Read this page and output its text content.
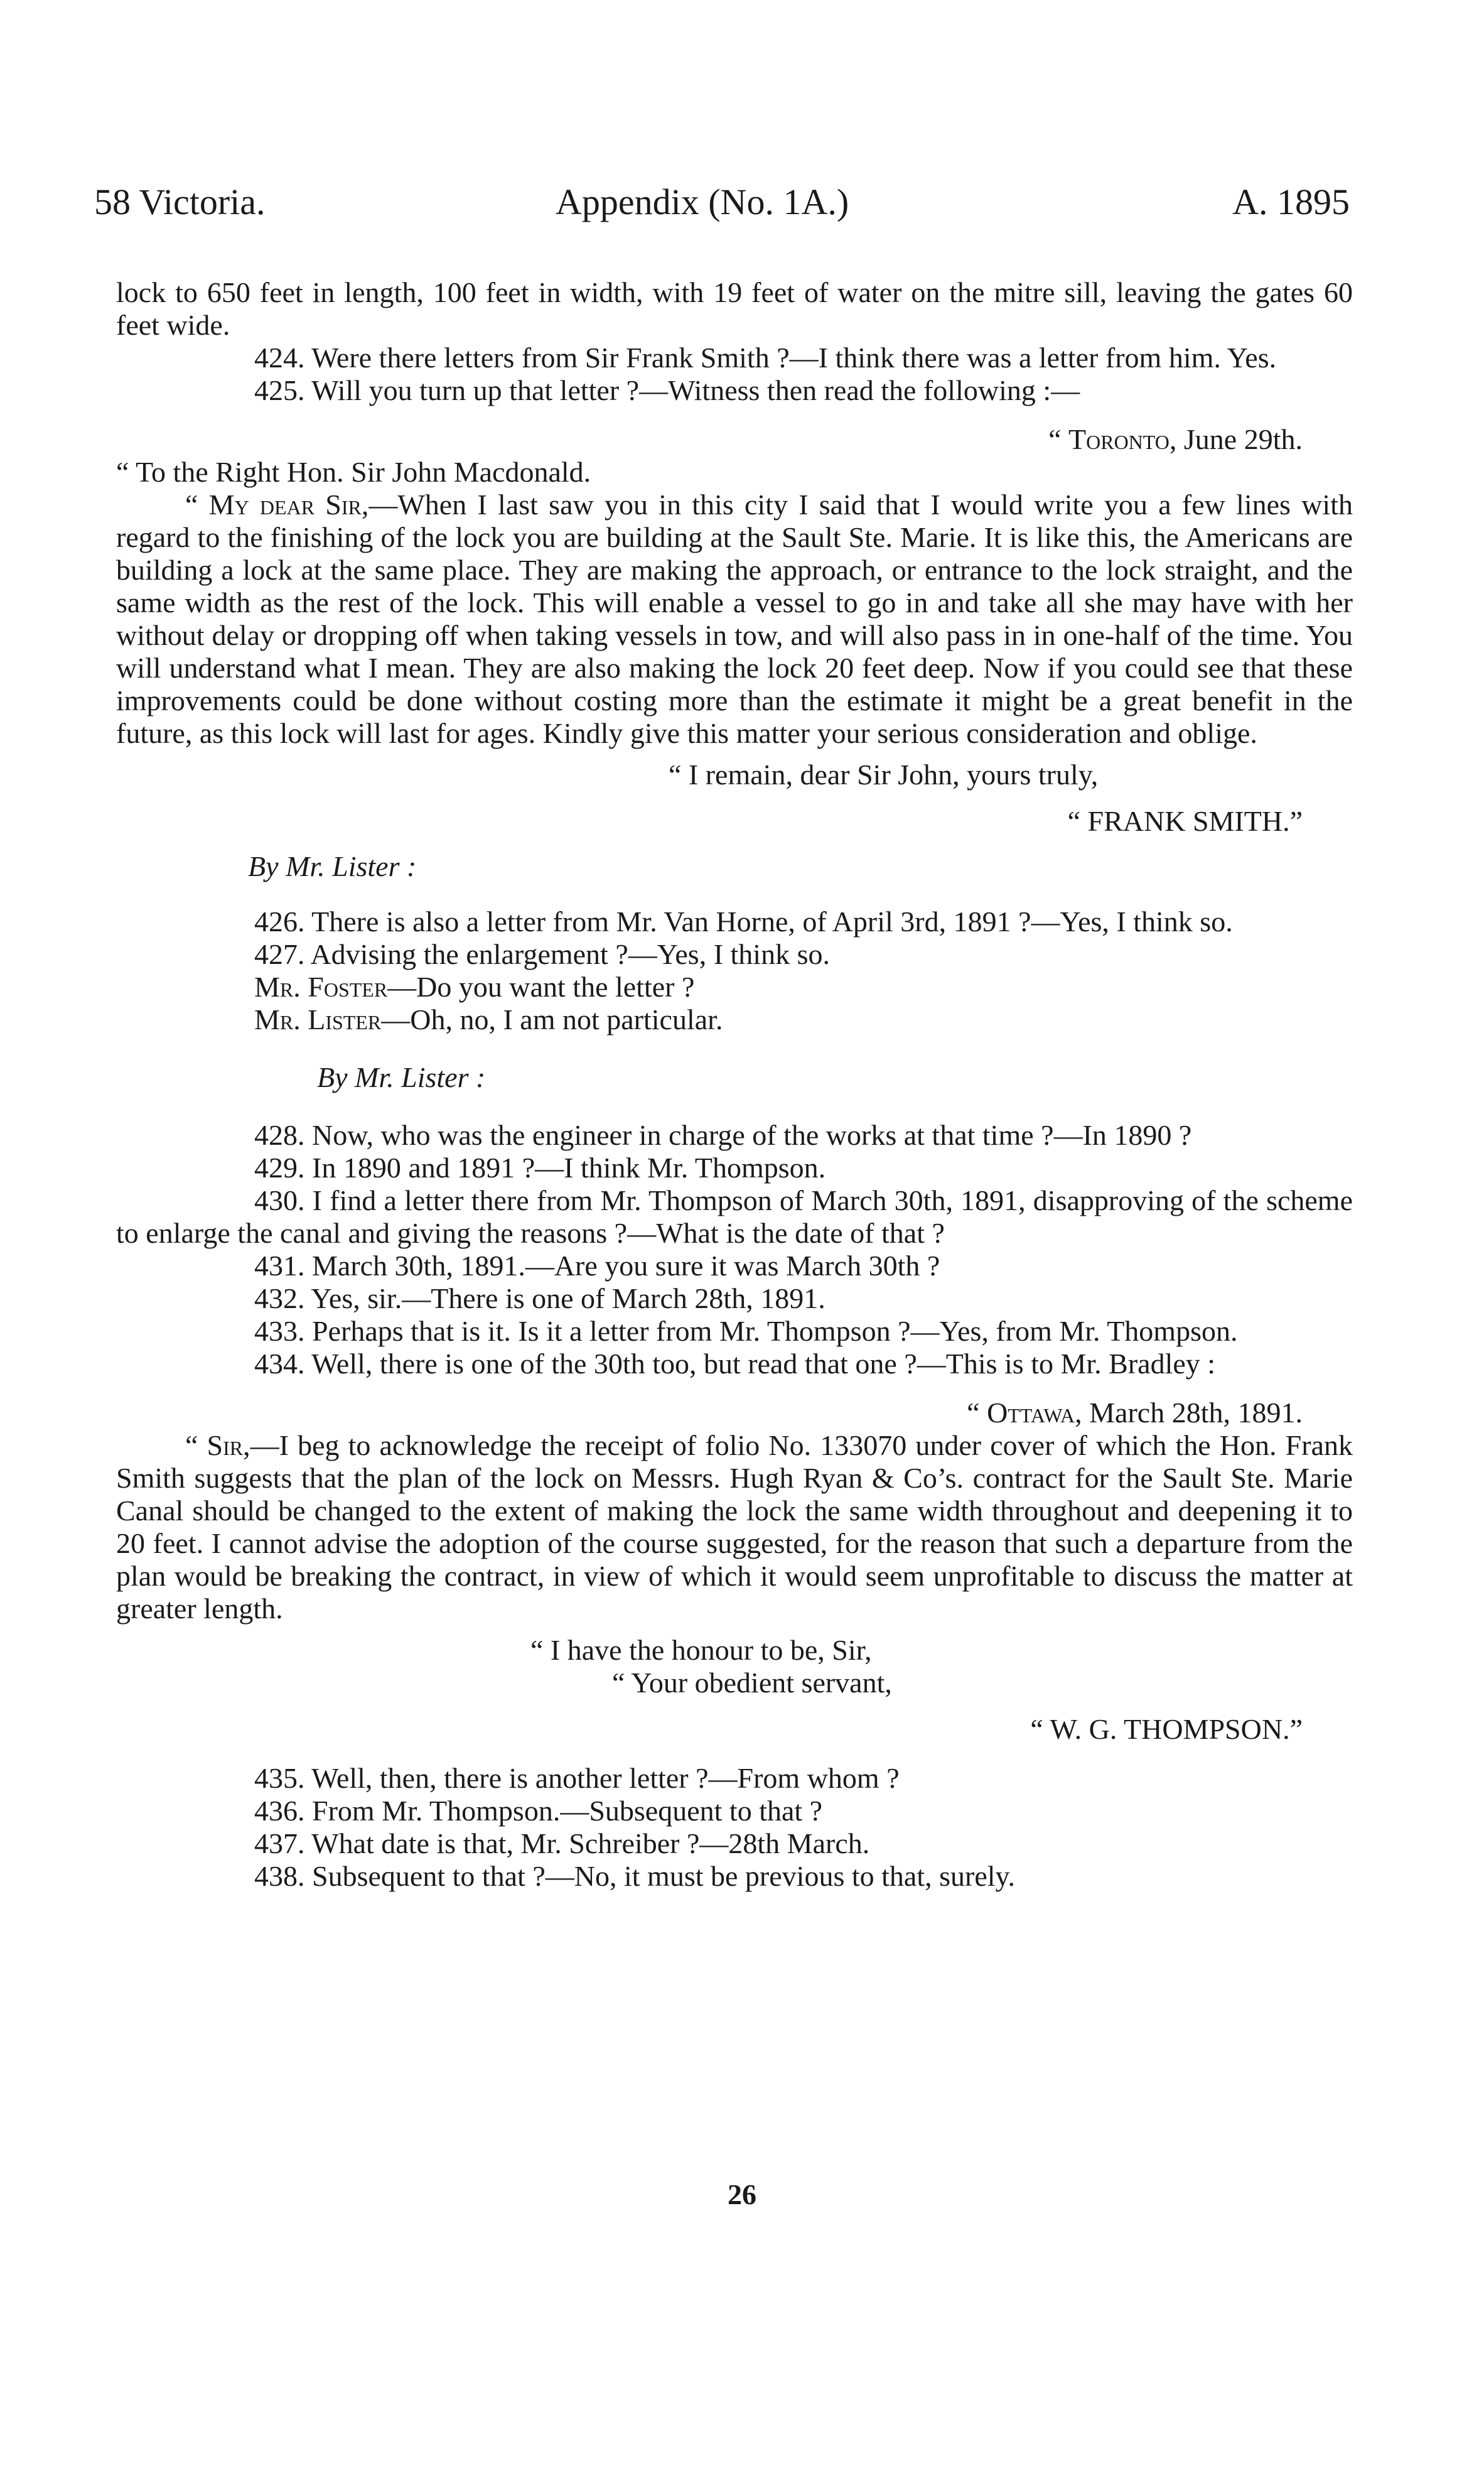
58 Victoria.	Appendix (No. 1A.)	A. 1895

lock to 650 feet in length, 100 feet in width, with 19 feet of water on the mitre sill, leaving the gates 60 feet wide.

424. Were there letters from Sir Frank Smith ?—I think there was a letter from him. Yes.

425. Will you turn up that letter ?—Witness then read the following :—

“ Toronto, June 29th.

“ To the Right Hon. Sir John Macdonald.

“ My dear Sir,—When I last saw you in this city I said that I would write you a few lines with regard to the finishing of the lock you are building at the Sault Ste. Marie. It is like this, the Americans are building a lock at the same place. They are making the approach, or entrance to the lock straight, and the same width as the rest of the lock. This will enable a vessel to go in and take all she may have with her without delay or dropping off when taking vessels in tow, and will also pass in in one-half of the time. You will understand what I mean. They are also making the lock 20 feet deep. Now if you could see that these improvements could be done without costing more than the estimate it might be a great benefit in the future, as this lock will last for ages. Kindly give this matter your serious consideration and oblige.

“ I remain, dear Sir John, yours truly,

“ FRANK SMITH.”

By Mr. Lister :

426. There is also a letter from Mr. Van Horne, of April 3rd, 1891 ?—Yes, I think so.

427. Advising the enlargement ?—Yes, I think so.

Mr. Foster—Do you want the letter ?

Mr. Lister—Oh, no, I am not particular.

By Mr. Lister :

428. Now, who was the engineer in charge of the works at that time ?—In 1890 ?

429. In 1890 and 1891 ?—I think Mr. Thompson.

430. I find a letter there from Mr. Thompson of March 30th, 1891, disapproving of the scheme to enlarge the canal and giving the reasons ?—What is the date of that ?

431. March 30th, 1891.—Are you sure it was March 30th ?

432. Yes, sir.—There is one of March 28th, 1891.

433. Perhaps that is it. Is it a letter from Mr. Thompson ?—Yes, from Mr. Thompson.

434. Well, there is one of the 30th too, but read that one ?—This is to Mr. Bradley :

“ Ottawa, March 28th, 1891.

“ Sir,—I beg to acknowledge the receipt of folio No. 133070 under cover of which the Hon. Frank Smith suggests that the plan of the lock on Messrs. Hugh Ryan & Co’s. contract for the Sault Ste. Marie Canal should be changed to the extent of making the lock the same width throughout and deepening it to 20 feet. I cannot advise the adoption of the course suggested, for the reason that such a departure from the plan would be breaking the contract, in view of which it would seem unprofitable to discuss the matter at greater length.

“ I have the honour to be, Sir,

“ Your obedient servant,

“ W. G. THOMPSON.”

435. Well, then, there is another letter ?—From whom ?

436. From Mr. Thompson.—Subsequent to that ?

437. What date is that, Mr. Schreiber ?—28th March.

438. Subsequent to that ?—No, it must be previous to that, surely.

26
